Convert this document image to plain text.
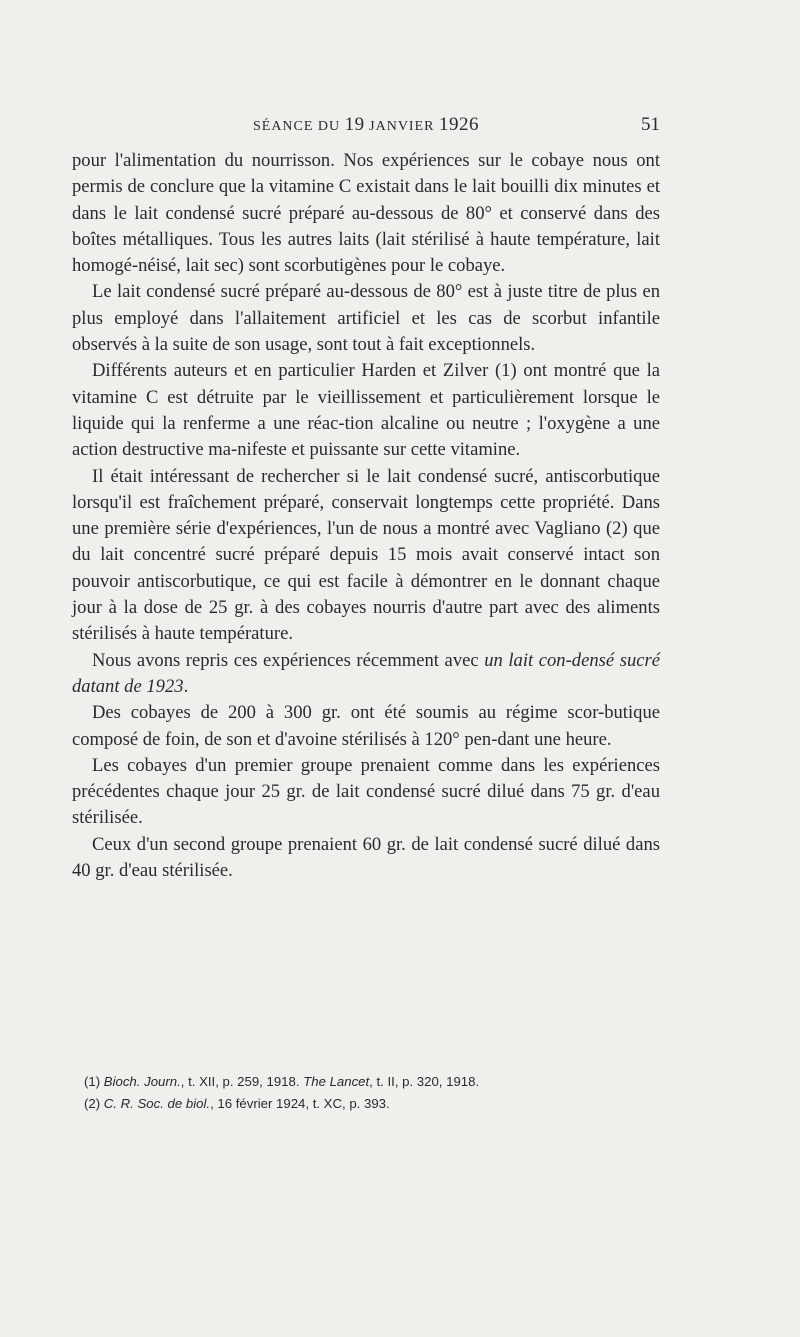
SÉANCE DU 19 JANVIER 1926	51

pour l'alimentation du nourrisson. Nos expériences sur le cobaye nous ont permis de conclure que la vitamine C existait dans le lait bouilli dix minutes et dans le lait condensé sucré préparé au-dessous de 80° et conservé dans des boîtes métalliques. Tous les autres laits (lait stérilisé à haute température, lait homogé-néisé, lait sec) sont scorbutigènes pour le cobaye.

Le lait condensé sucré préparé au-dessous de 80° est à juste titre de plus en plus employé dans l'allaitement artificiel et les cas de scorbut infantile observés à la suite de son usage, sont tout à fait exceptionnels.

Différents auteurs et en particulier Harden et Zilver (1) ont montré que la vitamine C est détruite par le vieillissement et particulièrement lorsque le liquide qui la renferme a une réac-tion alcaline ou neutre ; l'oxygène a une action destructive ma-nifeste et puissante sur cette vitamine.

Il était intéressant de rechercher si le lait condensé sucré, antiscorbutique lorsqu'il est fraîchement préparé, conservait longtemps cette propriété. Dans une première série d'expériences, l'un de nous a montré avec Vagliano (2) que du lait concentré sucré préparé depuis 15 mois avait conservé intact son pouvoir antiscorbutique, ce qui est facile à démontrer en le donnant chaque jour à la dose de 25 gr. à des cobayes nourris d'autre part avec des aliments stérilisés à haute température.

Nous avons repris ces expériences récemment avec un lait con-densé sucré datant de 1923.

Des cobayes de 200 à 300 gr. ont été soumis au régime scor-butique composé de foin, de son et d'avoine stérilisés à 120° pen-dant une heure.

Les cobayes d'un premier groupe prenaient comme dans les expériences précédentes chaque jour 25 gr. de lait condensé sucré dilué dans 75 gr. d'eau stérilisée.

Ceux d'un second groupe prenaient 60 gr. de lait condensé sucré dilué dans 40 gr. d'eau stérilisée.

(1) Bioch. Journ., t. XII, p. 259, 1918. The Lancet, t. II, p. 320, 1918.

(2) C. R. Soc. de biol., 16 février 1924, t. XC, p. 393.
